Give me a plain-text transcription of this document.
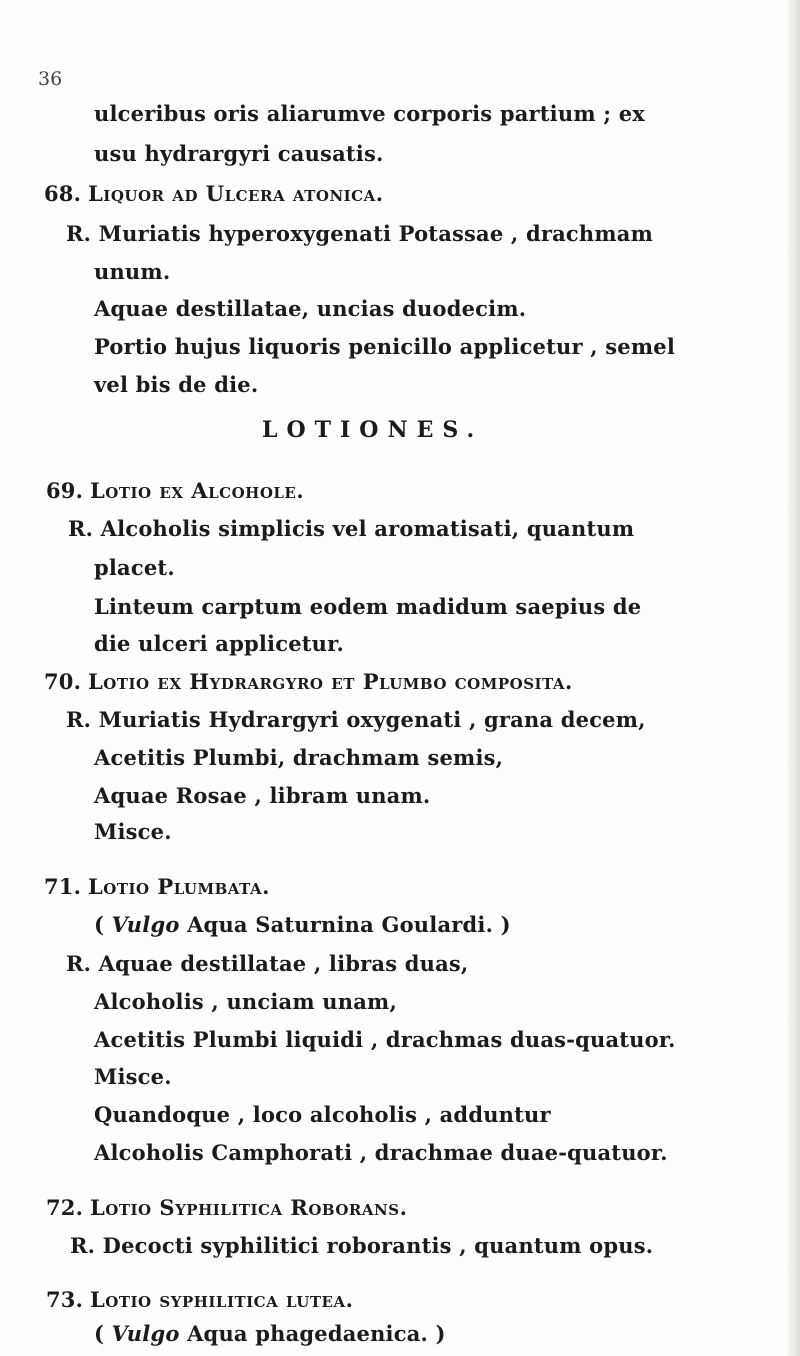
36
ulceribus oris aliarumve corporis partium ; ex
usu hydrargyri causatis.
68. Liquor ad Ulcera atonica.
R. Muriatis hyperoxygenati Potassae , drachmam
unum.
Aquae destillatae, uncias duodecim.
Portio hujus liquoris penicillo applicetur , semel
vel bis de die.
LOTIONES.
69. Lotio ex Alcohole.
R. Alcoholis simplicis vel aromatisati, quantum
placet.
Linteum carptum eodem madidum saepius de
die ulceri applicetur.
70. Lotio ex Hydrargyro et Plumbo composita.
R. Muriatis Hydrargyri oxygenati , grana decem,
Acetitis Plumbi, drachmam semis,
Aquae Rosae , libram unam.
Misce.
71. Lotio Plumbata.
( Vulgo Aqua Saturnina Goulardi. )
R. Aquae destillatae , libras duas,
Alcoholis , unciam unam,
Acetitis Plumbi liquidi , drachmas duas-quatuor.
Misce.
Quandoque , loco alcoholis , adduntur
Alcoholis Camphorati , drachmae duae-quatuor.
72. Lotio Syphilitica Roborans.
R. Decocti syphilitici roborantis , quantum opus.
73. Lotio syphilitica lutea.
( Vulgo Aqua phagedaenica. )
